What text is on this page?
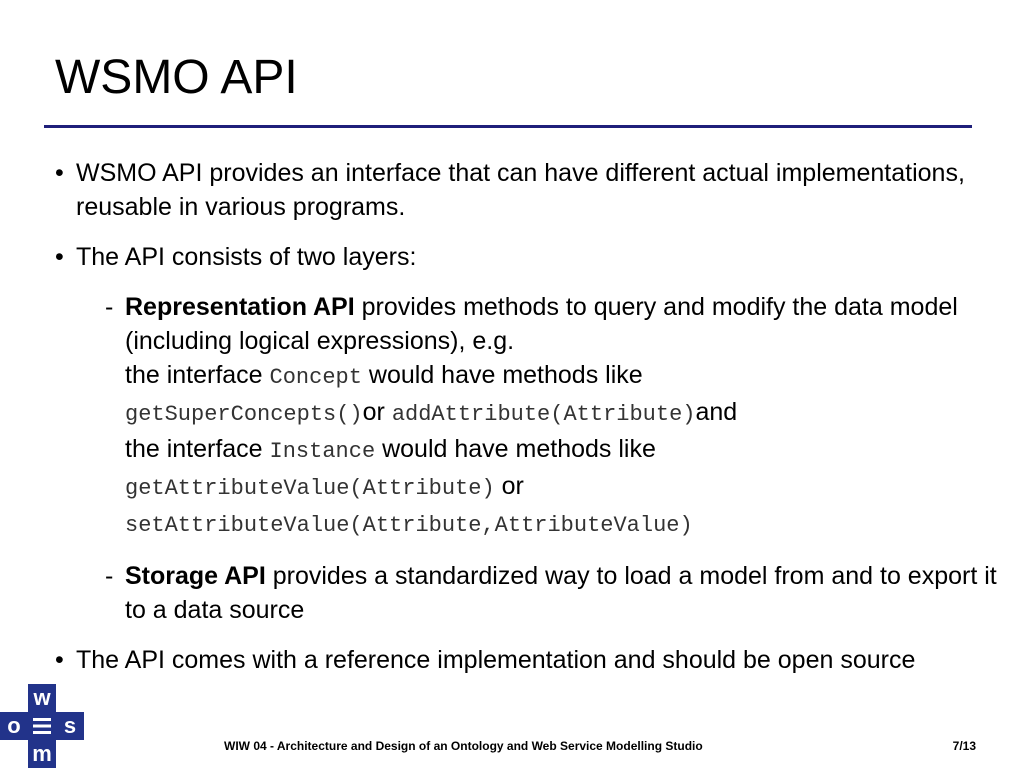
WSMO API
• WSMO API provides an interface that can have different actual implementations, reusable in various programs.
• The API consists of two layers:
- Representation API provides methods to query and modify the data model (including logical expressions), e.g.
the interface Concept would have methods like
getSuperConcepts()or addAttribute(Attribute)and
the interface Instance would have methods like
getAttributeValue(Attribute) or
setAttributeValue(Attribute,AttributeValue)
- Storage API provides a standardized way to load a model from and to export it to a data source
• The API comes with a reference implementation and should be open source
w
o s
m	WIW 04 - Architecture and Design of an Ontology and Web Service Modelling Studio	7/13
